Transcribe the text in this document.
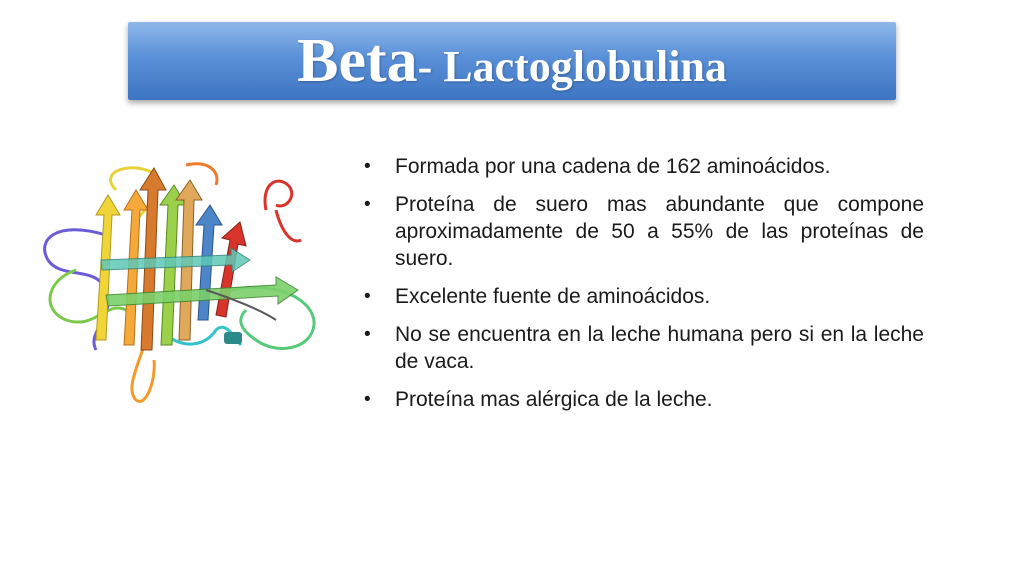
Beta- Lactoglobulina
• Formada por una cadena de 162 aminoácidos.
• Proteína de suero mas abundante que compone aproximadamente de 50 a 55% de las proteínas de suero.
• Excelente fuente de aminoácidos.
• No se encuentra en la leche humana pero si en la leche de vaca.
• Proteína mas alérgica de la leche.
